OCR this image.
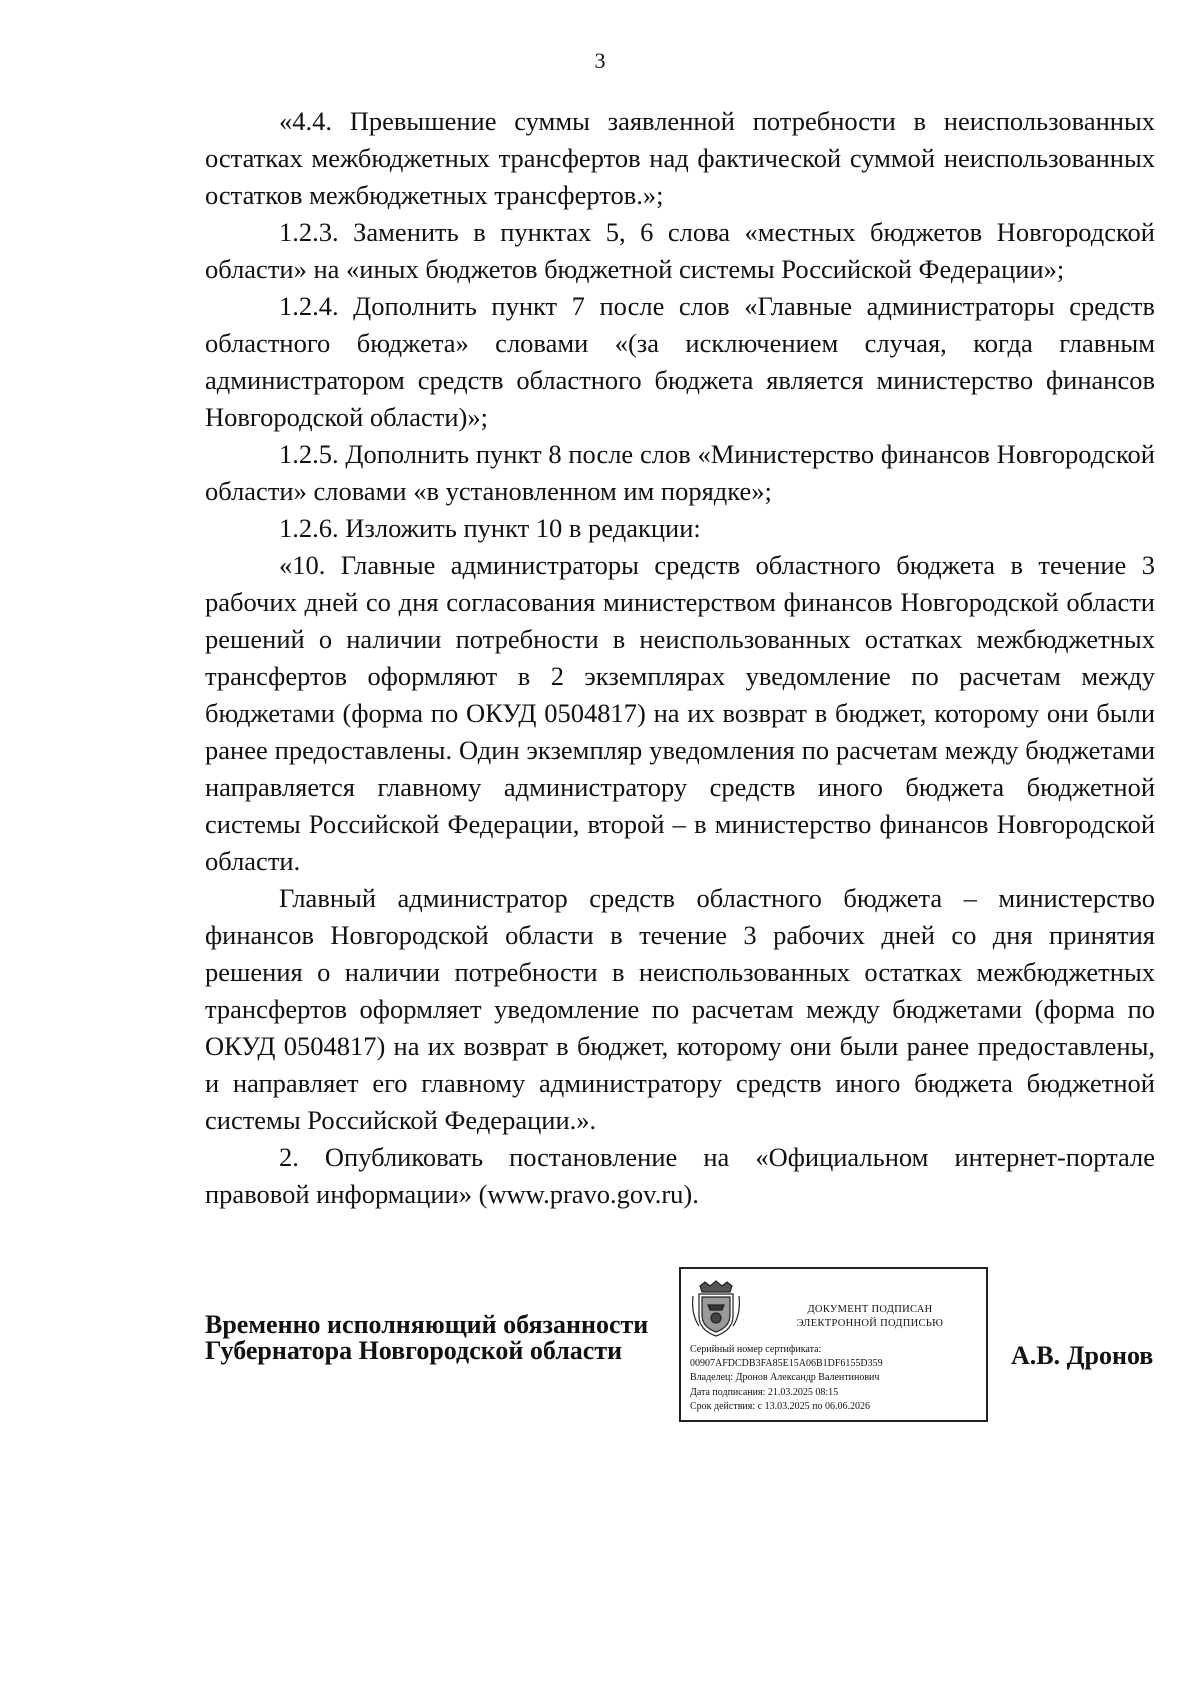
3

«4.4. Превышение суммы заявленной потребности в неиспользованных остатках межбюджетных трансфертов над фактической суммой неиспользованных остатков межбюджетных трансфертов.»;

1.2.3. Заменить в пунктах 5, 6 слова «местных бюджетов Новгородской области» на «иных бюджетов бюджетной системы Российской Федерации»;

1.2.4. Дополнить пункт 7 после слов «Главные администраторы средств областного бюджета» словами «(за исключением случая, когда главным администратором средств областного бюджета является министерство финансов Новгородской области)»;

1.2.5. Дополнить пункт 8 после слов «Министерство финансов Новгородской области» словами «в установленном им порядке»;

1.2.6. Изложить пункт 10 в редакции:

«10. Главные администраторы средств областного бюджета в течение 3 рабочих дней со дня согласования министерством финансов Новгородской области решений о наличии потребности в неиспользованных остатках межбюджетных трансфертов оформляют в 2 экземплярах уведомление по расчетам между бюджетами (форма по ОКУД 0504817) на их возврат в бюджет, которому они были ранее предоставлены. Один экземпляр уведомления по расчетам между бюджетами направляется главному администратору средств иного бюджета бюджетной системы Российской Федерации, второй – в министерство финансов Новгородской области.

Главный администратор средств областного бюджета – министерство финансов Новгородской области в течение 3 рабочих дней со дня принятия решения о наличии потребности в неиспользованных остатках межбюджетных трансфертов оформляет уведомление по расчетам между бюджетами (форма по ОКУД 0504817) на их возврат в бюджет, которому они были ранее предоставлены, и направляет его главному администратору средств иного бюджета бюджетной системы Российской Федерации.».

2. Опубликовать постановление на «Официальном интернет-портале правовой информации» (www.pravo.gov.ru).

Временно исполняющий обязанности
Губернатора Новгородской области
ДОКУМЕНТ ПОДПИСАН
ЭЛЕКТРОННОЙ ПОДПИСЬЮ
Серийный номер сертификата:
00907AFDCDB3FA85E15A06B1DF6155D359
Владелец: Дронов Александр Валентинович
Дата подписания: 21.03.2025 08:15
Срок действия: с 13.03.2025 по 06.06.2026
А.В. Дронов
